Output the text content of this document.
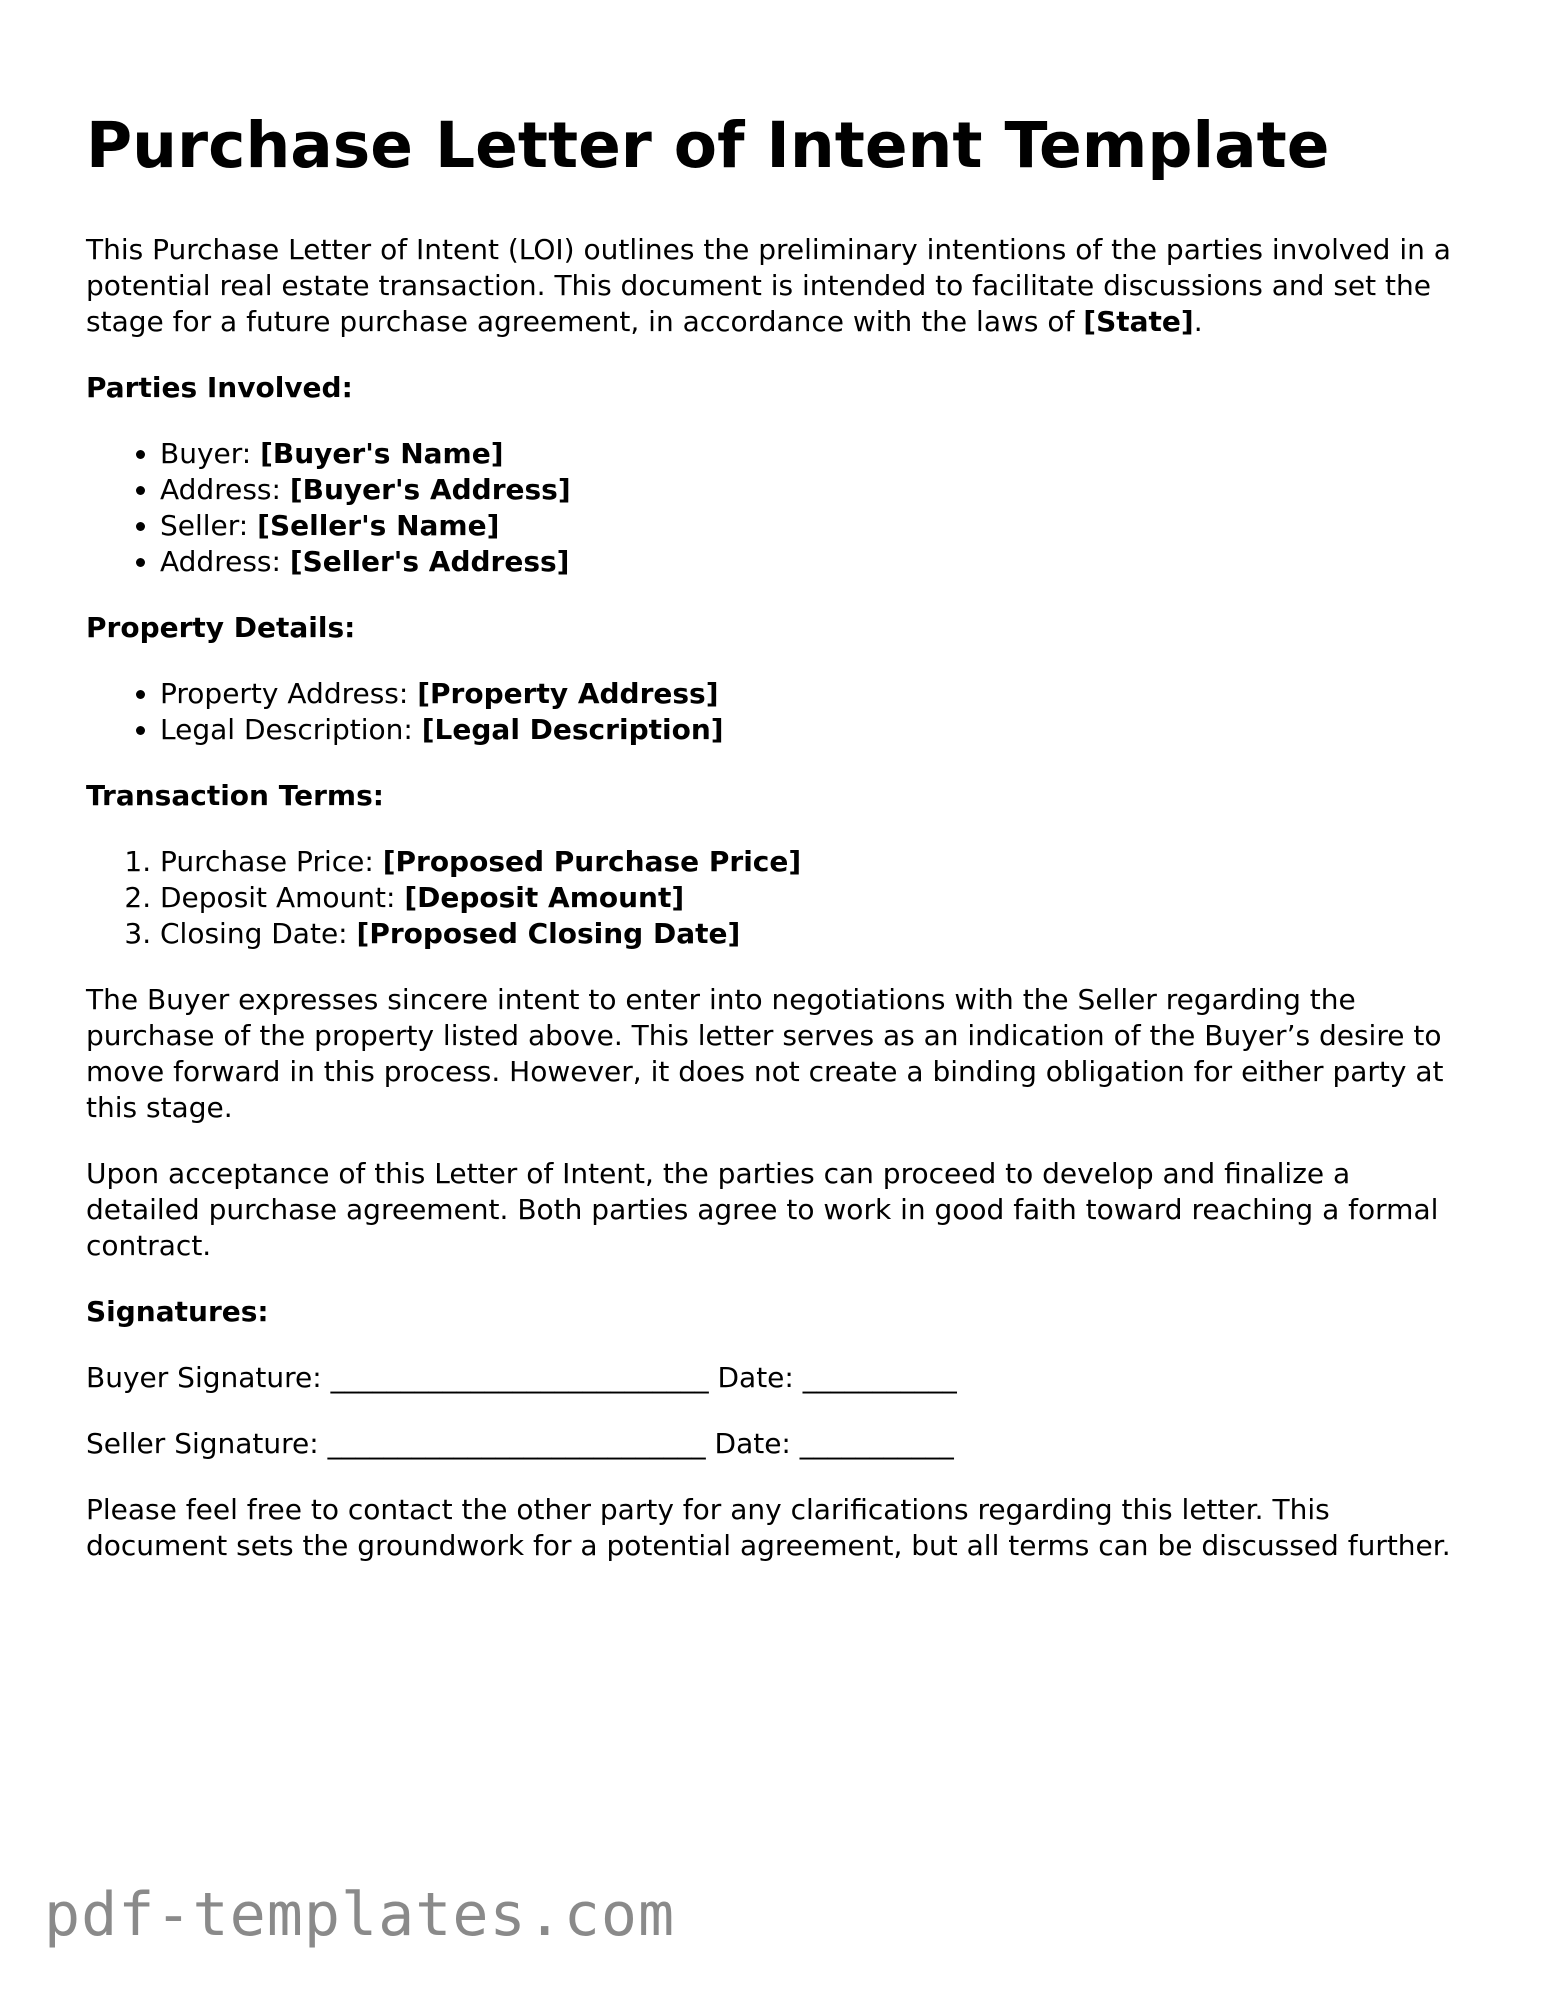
Purchase Letter of Intent Template

This Purchase Letter of Intent (LOI) outlines the preliminary intentions of the parties involved in a potential real estate transaction. This document is intended to facilitate discussions and set the stage for a future purchase agreement, in accordance with the laws of [State].

Parties Involved:
• Buyer: [Buyer's Name]
• Address: [Buyer's Address]
• Seller: [Seller's Name]
• Address: [Seller's Address]
Property Details:
• Property Address: [Property Address]
• Legal Description: [Legal Description]
Transaction Terms:
1. Purchase Price: [Proposed Purchase Price]
2. Deposit Amount: [Deposit Amount]
3. Closing Date: [Proposed Closing Date]

The Buyer expresses sincere intent to enter into negotiations with the Seller regarding the purchase of the property listed above. This letter serves as an indication of the Buyer’s desire to move forward in this process. However, it does not create a binding obligation for either party at this stage.

Upon acceptance of this Letter of Intent, the parties can proceed to develop and finalize a detailed purchase agreement. Both parties agree to work in good faith toward reaching a formal contract.

Signatures:
Buyer Signature: ___________________________ Date: ___________
Seller Signature: ___________________________ Date: ___________

Please feel free to contact the other party for any clarifications regarding this letter. This document sets the groundwork for a potential agreement, but all terms can be discussed further.

pdf-templates.com
